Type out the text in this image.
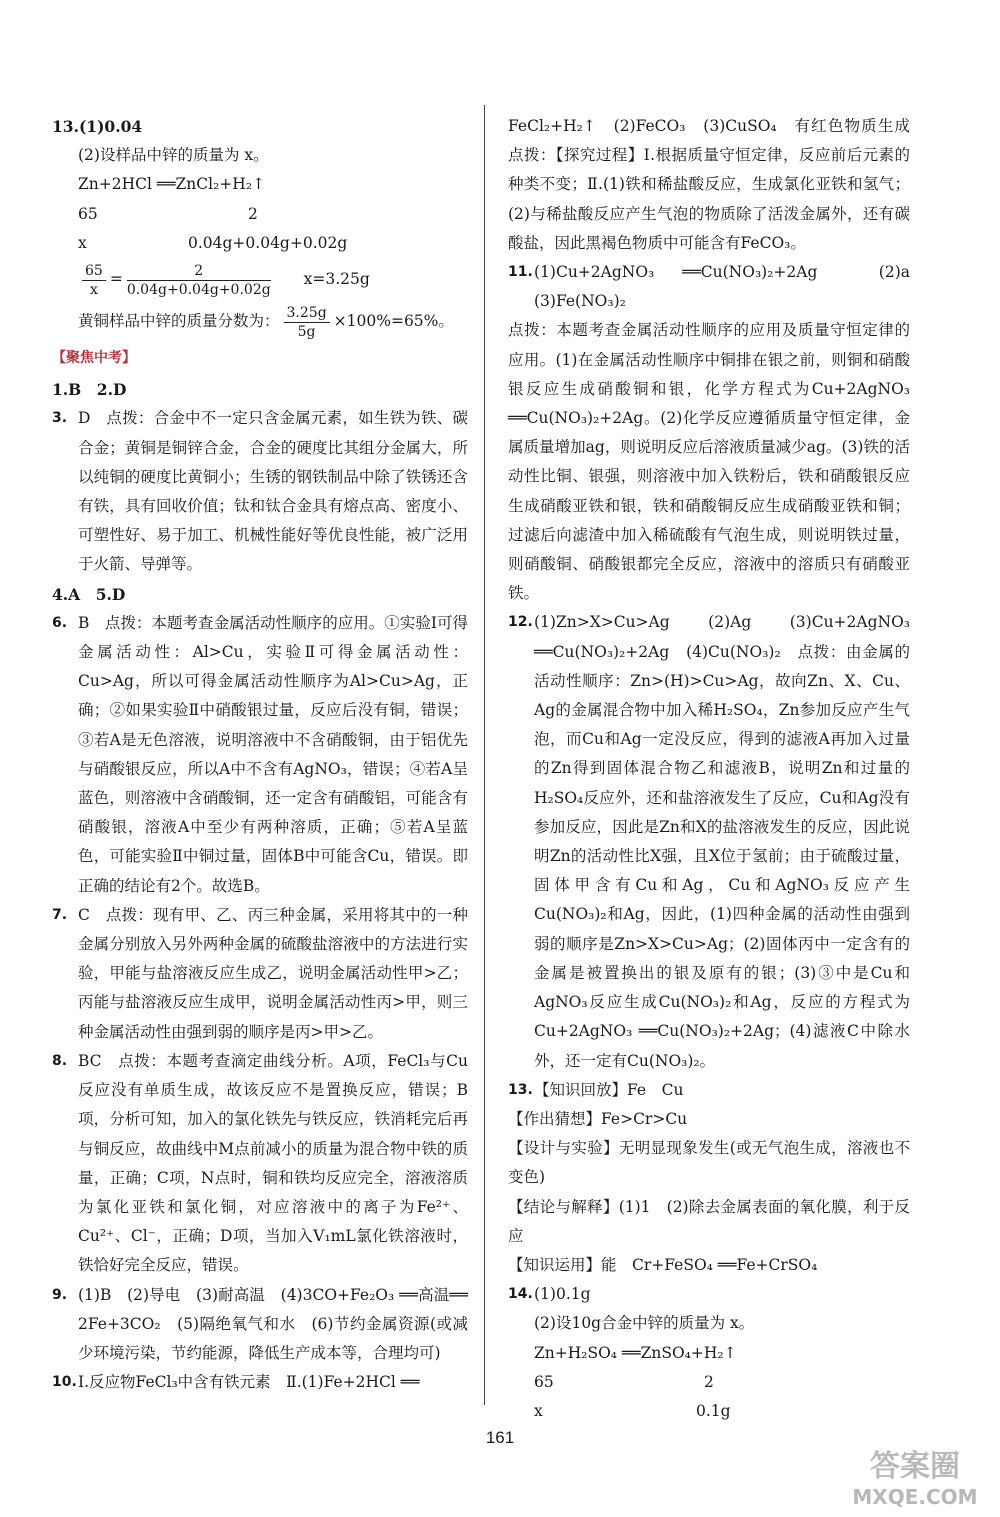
13.(1)0.04

(2)设样品中锌的质量为 x。

Zn+2HCl ══ZnCl₂+H₂↑

65	2
x	0.04g+0.04g+0.02g
$\frac{65}{x} = \frac{2}{0.04g+0.04g+0.02g} x=3.25g$
黄铜样品中锌的质量分数为： $\frac{3.25g}{5g} \times 100\%=65\%$。

【聚焦中考】

1.B　2.D

3. D　点拨：合金中不一定只含金属元素，如生铁为铁、碳合金；黄铜是铜锌合金，合金的硬度比其组分金属大，所以纯铜的硬度比黄铜小；生锈的钢铁制品中除了铁锈还含有铁，具有回收价值；钛和钛合金具有熔点高、密度小、可塑性好、易于加工、机械性能好等优良性能，被广泛用于火箭、导弹等。

4.A　5.D

6. B　点拨：本题考查金属活动性顺序的应用。①实验Ⅰ可得金属活动性：Al>Cu，实验Ⅱ可得金属活动性：Cu>Ag，所以可得金属活动性顺序为Al>Cu>Ag，正确；②如果实验Ⅱ中硝酸银过量，反应后没有铜，错误；③若A是无色溶液，说明溶液中不含硝酸铜，由于铝优先与硝酸银反应，所以A中不含有AgNO₃，错误；④若A呈蓝色，则溶液中含硝酸铜，还一定含有硝酸铝，可能含有硝酸银，溶液A中至少有两种溶质，正确；⑤若A呈蓝色，可能实验Ⅱ中铜过量，固体B中可能含Cu，错误。即正确的结论有2个。故选B。
7. C　点拨：现有甲、乙、丙三种金属，采用将其中的一种金属分别放入另外两种金属的硫酸盐溶液中的方法进行实验，甲能与盐溶液反应生成乙，说明金属活动性甲>乙；丙能与盐溶液反应生成甲，说明金属活动性丙>甲，则三种金属活动性由强到弱的顺序是丙>甲>乙。
8. BC　点拨：本题考查滴定曲线分析。A项，FeCl₃与Cu反应没有单质生成，故该反应不是置换反应，错误；B项，分析可知，加入的氯化铁先与铁反应，铁消耗完后再与铜反应，故曲线中M点前减小的质量为混合物中铁的质量，正确；C项，N点时，铜和铁均反应完全，溶液溶质为氯化亚铁和氯化铜，对应溶液中的离子为Fe²⁺、Cu²⁺、Cl⁻，正确；D项，当加入V₁mL氯化铁溶液时，铁恰好完全反应，错误。
9. (1)B　(2)导电　(3)耐高温　(4)3CO+Fe₂O₃ ══高温══ 2Fe+3CO₂　(5)隔绝氧气和水　(6)节约金属资源(或减少环境污染，节约能源，降低生产成本等，合理均可)
10. Ⅰ.反应物FeCl₃中含有铁元素　Ⅱ.(1)Fe+2HCl ══

FeCl₂+H₂↑　(2)FeCO₃　(3)CuSO₄　有红色物质生成　点拨：【探究过程】Ⅰ.根据质量守恒定律，反应前后元素的种类不变；Ⅱ.(1)铁和稀盐酸反应，生成氯化亚铁和氢气；(2)与稀盐酸反应产生气泡的物质除了活泼金属外，还有碳酸盐，因此黑褐色物质中可能含有FeCO₃。

11. (1)Cu+2AgNO₃ ══Cu(NO₃)₂+2Ag　(2)a　(3)Fe(NO₃)₂

点拨：本题考查金属活动性顺序的应用及质量守恒定律的应用。(1)在金属活动性顺序中铜排在银之前，则铜和硝酸银反应生成硝酸铜和银，化学方程式为Cu+2AgNO₃ ══Cu(NO₃)₂+2Ag。(2)化学反应遵循质量守恒定律，金属质量增加ag，则说明反应后溶液质量减少ag。(3)铁的活动性比铜、银强，则溶液中加入铁粉后，铁和硝酸银反应生成硝酸亚铁和银，铁和硝酸铜反应生成硝酸亚铁和铜；过滤后向滤渣中加入稀硫酸有气泡生成，则说明铁过量，则硝酸铜、硝酸银都完全反应，溶液中的溶质只有硝酸亚铁。

12. (1)Zn>X>Cu>Ag　(2)Ag　(3)Cu+2AgNO₃ ══Cu(NO₃)₂+2Ag　(4)Cu(NO₃)₂　点拨：由金属的活动性顺序：Zn>(H)>Cu>Ag，故向Zn、X、Cu、Ag的金属混合物中加入稀H₂SO₄，Zn参加反应产生气泡，而Cu和Ag一定没反应，得到的滤液A再加入过量的Zn得到固体混合物乙和滤液B，说明Zn和过量的H₂SO₄反应外，还和盐溶液发生了反应，Cu和Ag没有参加反应，因此是Zn和X的盐溶液发生的反应，因此说明Zn的活动性比X强，且X位于氢前；由于硫酸过量，固体甲含有Cu和Ag，Cu和AgNO₃反应产生Cu(NO₃)₂和Ag，因此，(1)四种金属的活动性由强到弱的顺序是Zn>X>Cu>Ag；(2)固体丙中一定含有的金属是被置换出的银及原有的银；(3)③中是Cu和AgNO₃反应生成Cu(NO₃)₂和Ag，反应的方程式为Cu+2AgNO₃ ══Cu(NO₃)₂+2Ag；(4)滤液C中除水外，还一定有Cu(NO₃)₂。
13. 【知识回放】Fe　Cu

【作出猜想】Fe>Cr>Cu

【设计与实验】无明显现象发生(或无气泡生成，溶液也不变色)

【结论与解释】(1)1　(2)除去金属表面的氧化膜，利于反应

【知识运用】能　Cr+FeSO₄ ══Fe+CrSO₄

14. (1)0.1g

(2)设10g合金中锌的质量为 x。

Zn+H₂SO₄ ══ZnSO₄+H₂↑

65	2
x	0.1g
161
答案圈
MXQE.COM
